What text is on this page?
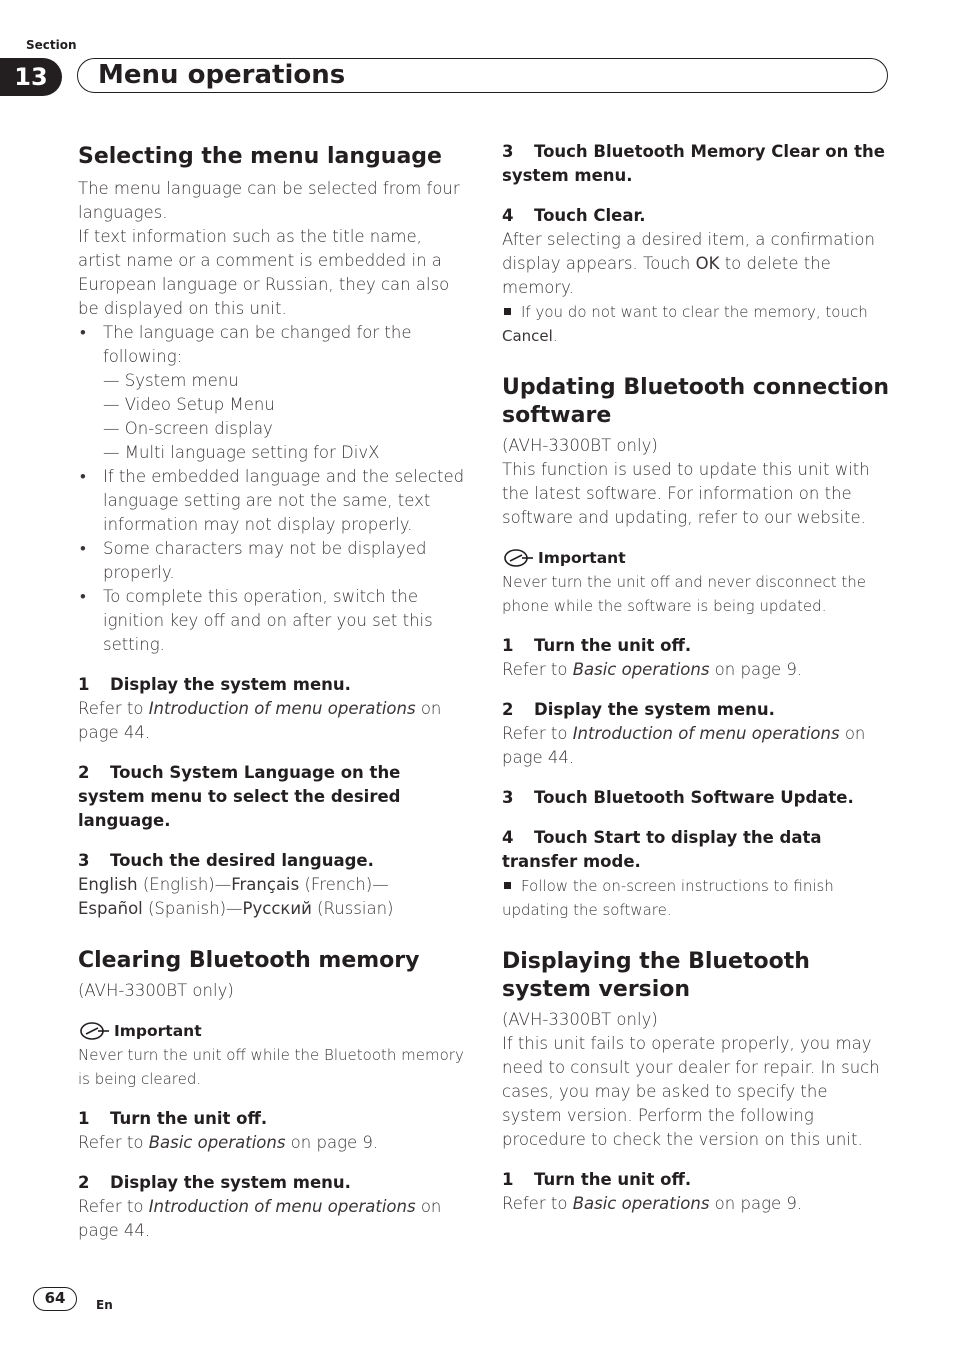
Section
13	Menu operations
Selecting the menu language

The menu language can be selected from four languages.

If text information such as the title name, artist name or a comment is embedded in a European language or Russian, they can also be displayed on this unit.

• The language can be changed for the following:

— System menu

— Video Setup Menu

— On-screen display

— Multi language setting for DivX

• If the embedded language and the selected language setting are not the same, text information may not display properly.

• Some characters may not be displayed properly.

• To complete this operation, switch the ignition key off and on after you set this setting.

1 Display the system menu.

Refer to Introduction of menu operations on page 44.

2 Touch System Language on the system menu to select the desired language.

3 Touch the desired language.

English (English)—Français (French)—
Español (Spanish)—Русский (Russian)

Clearing Bluetooth memory

(AVH-3300BT only)

Important

Never turn the unit off while the Bluetooth memory is being cleared.

1 Turn the unit off.

Refer to Basic operations on page 9.

2 Display the system menu.

Refer to Introduction of menu operations on page 44.

3 Touch Bluetooth Memory Clear on the system menu.

4 Touch Clear.

After selecting a desired item, a confirmation display appears. Touch OK to delete the memory.

If you do not want to clear the memory, touch Cancel.

Updating Bluetooth connection software

(AVH-3300BT only)

This function is used to update this unit with the latest software. For information on the software and updating, refer to our website.

Important

Never turn the unit off and never disconnect the phone while the software is being updated.

1 Turn the unit off.

Refer to Basic operations on page 9.

2 Display the system menu.

Refer to Introduction of menu operations on page 44.

3 Touch Bluetooth Software Update.

4 Touch Start to display the data transfer mode.

Follow the on-screen instructions to finish updating the software.

Displaying the Bluetooth system version

(AVH-3300BT only)

If this unit fails to operate properly, you may need to consult your dealer for repair. In such cases, you may be asked to specify the system version. Perform the following procedure to check the version on this unit.

1 Turn the unit off.

Refer to Basic operations on page 9.

64	En
